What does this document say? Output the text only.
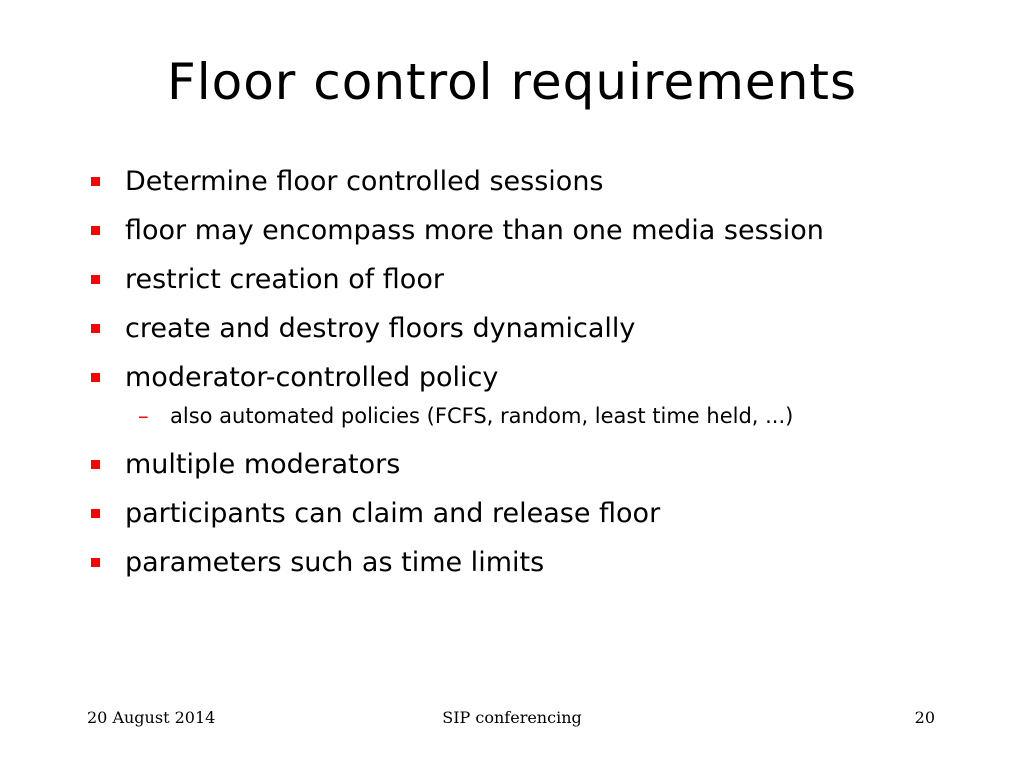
Floor control requirements
Determine floor controlled sessions
floor may encompass more than one media session
restrict creation of floor
create and destroy floors dynamically
moderator-controlled policy
– also automated policies (FCFS, random, least time held, ...)
multiple moderators
participants can claim and release floor
parameters such as time limits
20 August 2014	SIP conferencing	20
